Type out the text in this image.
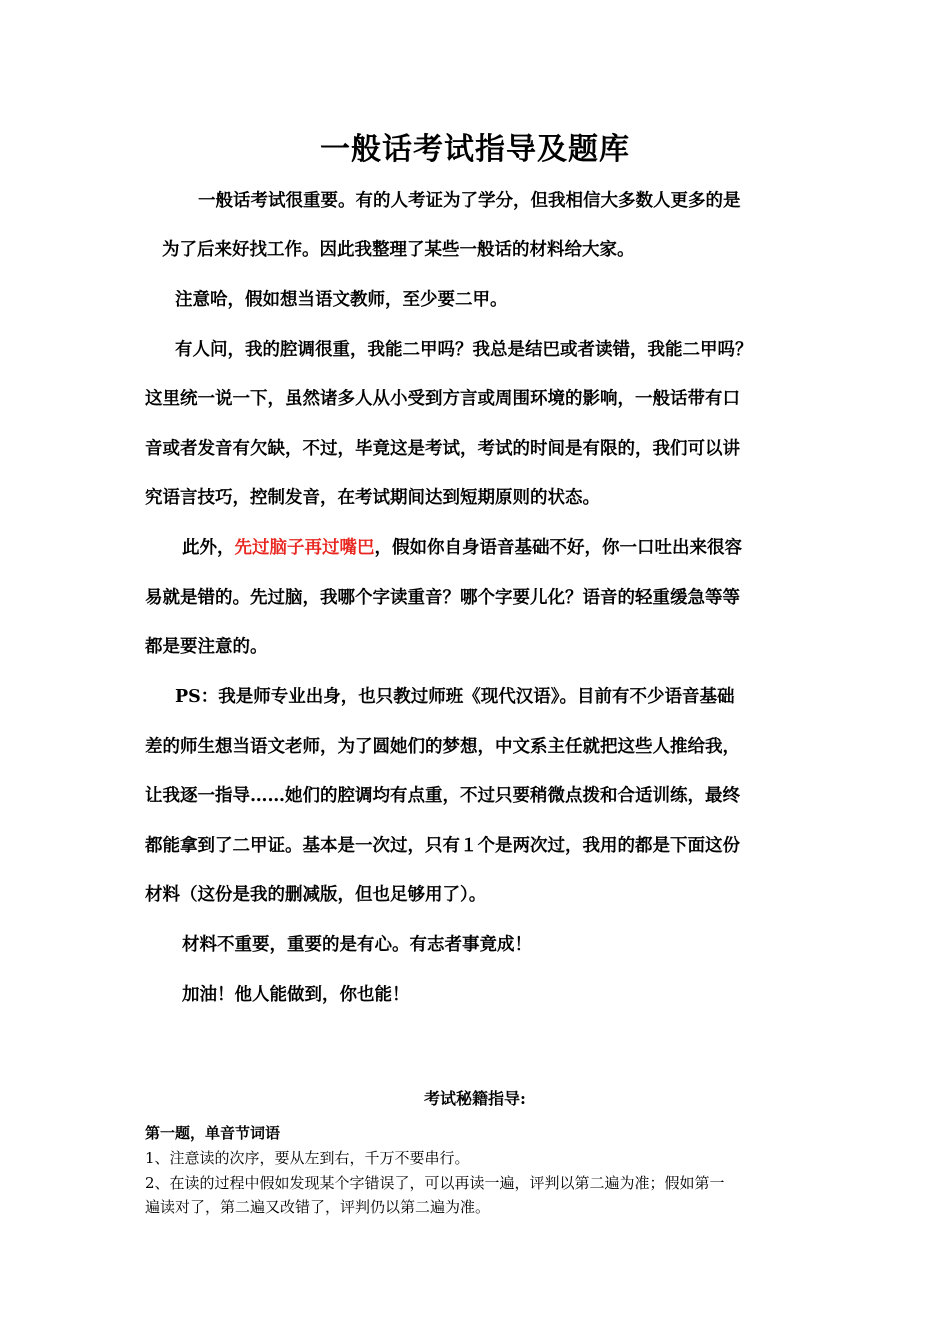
一般话考试指导及题库
一般话考试很重要。有的人考证为了学分，但我相信大多数人更多的是
为了后来好找工作。因此我整理了某些一般话的材料给大家。
注意哈，假如想当语文教师，至少要二甲。
有人问，我的腔调很重，我能二甲吗？我总是结巴或者读错，我能二甲吗？
这里统一说一下，虽然诸多人从小受到方言或周围环境的影响，一般话带有口
音或者发音有欠缺，不过，毕竟这是考试，考试的时间是有限的，我们可以讲
究语言技巧，控制发音，在考试期间达到短期原则的状态。
此外，先过脑子再过嘴巴，假如你自身语音基础不好，你一口吐出来很容
易就是错的。先过脑，我哪个字读重音？哪个字要儿化？语音的轻重缓急等等
都是要注意的。
PS：我是师专业出身，也只教过师班《现代汉语》。目前有不少语音基础
差的师生想当语文老师，为了圆她们的梦想，中文系主任就把这些人推给我，
让我逐一指导……她们的腔调均有点重，不过只要稍微点拨和合适训练，最终
都能拿到了二甲证。基本是一次过，只有１个是两次过，我用的都是下面这份
材料（这份是我的删减版，但也足够用了）。
材料不重要，重要的是有心。有志者事竟成！
加油！他人能做到，你也能！
考试秘籍指导:
第一题，单音节词语
1、注意读的次序，要从左到右，千万不要串行。
2、在读的过程中假如发现某个字错误了，可以再读一遍，评判以第二遍为准；假如第一
遍读对了，第二遍又改错了，评判仍以第二遍为准。
